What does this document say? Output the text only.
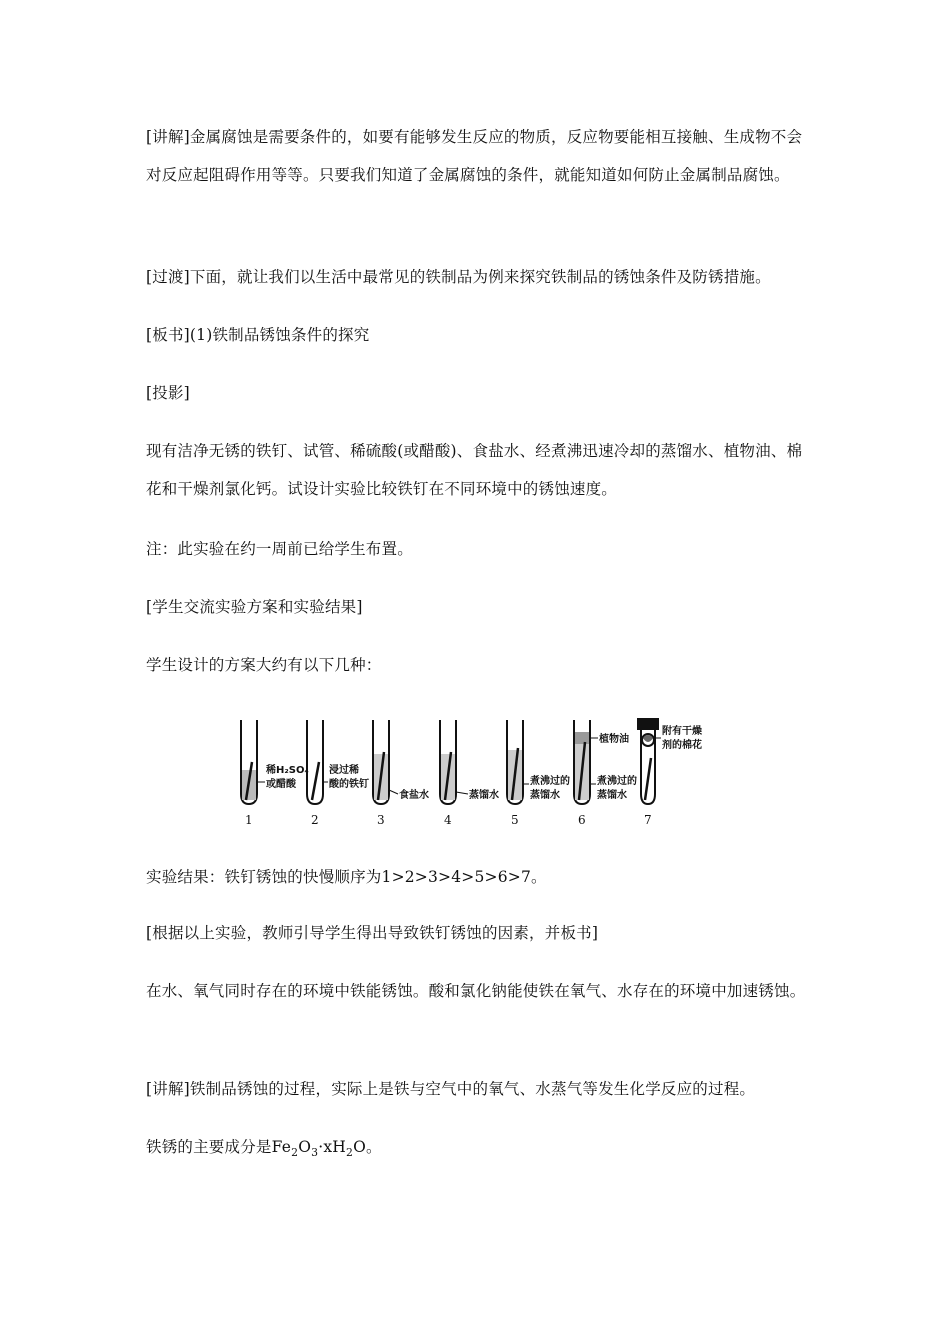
[讲解]金属腐蚀是需要条件的，如要有能够发生反应的物质，反应物要能相互接触、生成物不会对反应起阻碍作用等等。只要我们知道了金属腐蚀的条件，就能知道如何防止金属制品腐蚀。

[过渡]下面，就让我们以生活中最常见的铁制品为例来探究铁制品的锈蚀条件及防锈措施。

[板书](1)铁制品锈蚀条件的探究

[投影]

现有洁净无锈的铁钉、试管、稀硫酸(或醋酸)、食盐水、经煮沸迅速冷却的蒸馏水、植物油、棉花和干燥剂氯化钙。试设计实验比较铁钉在不同环境中的锈蚀速度。

注：此实验在约一周前已给学生布置。

[学生交流实验方案和实验结果]

学生设计的方案大约有以下几种：

稀H₂SO₄
或醋酸
1
浸过稀
酸的铁钉
2
食盐水
3
蒸馏水
4
煮沸过的
蒸馏水
5
植物油
煮沸过的
蒸馏水
6
附有干燥
剂的棉花
7

实验结果：铁钉锈蚀的快慢顺序为1>2>3>4>5>6>7。

[根据以上实验，教师引导学生得出导致铁钉锈蚀的因素，并板书]

在水、氧气同时存在的环境中铁能锈蚀。酸和氯化钠能使铁在氧气、水存在的环境中加速锈蚀。

[讲解]铁制品锈蚀的过程，实际上是铁与空气中的氧气、水蒸气等发生化学反应的过程。

铁锈的主要成分是$Fe_2O_3\cdot xH_2O$。
